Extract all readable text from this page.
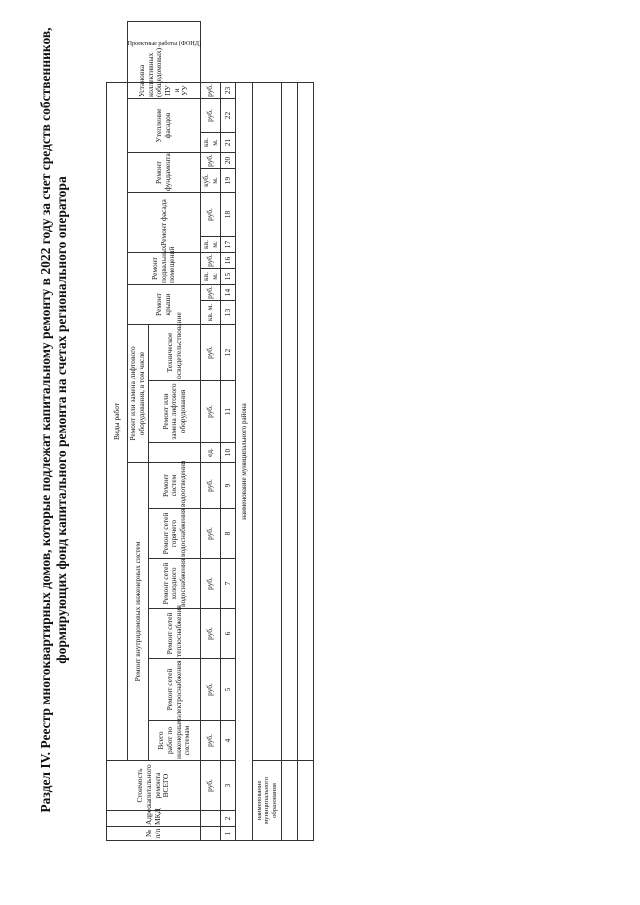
Раздел IV. Реестр многоквартирных домов, которые подлежат капитальному ремонту в 2022 году за счет средств собственников, формирующих фонд капитального ремонта на счетах регионального оператора
№ п/п	Адрес МКД	Стоимость капитального ремонта ВСЕГО	Виды работ																				
			Ремонт внутридомовых инженерных систем						Ремонт или замена лифтового оборудования, в том числе			Ремонт крыши		Ремонт подвальных помещений		Ремонт фасада		Ремонт фундамента		Утепление фасадов		Установка коллективных (общедомовых) ПУ и УУ	Проектные работы (ФОНД)
			Всего работ по инженерным системам	Ремонт сетей электроснабжения	Ремонт сетей теплоснабжения	Ремонт сетей холодного водоснабжения	Ремонт сетей горячего водоснабжения	Ремонт систем водоотведения		Ремонт или замена лифтового оборудования	Техническое освидетельствование												
		руб.	руб.	руб.	руб.	руб.	руб.	руб.	ед.	руб.	руб.	кв. м.	руб.	кв. м.	руб.	кв. м.	руб.	куб. м.	руб.	кв. м.	руб.	руб.	
1	2	3	4	5	6	7	8	9	10	11	12	13	14	15	16	17	18	19	20	21	22	23	
наименование муниципального района																							
наименование муниципального образования																							
